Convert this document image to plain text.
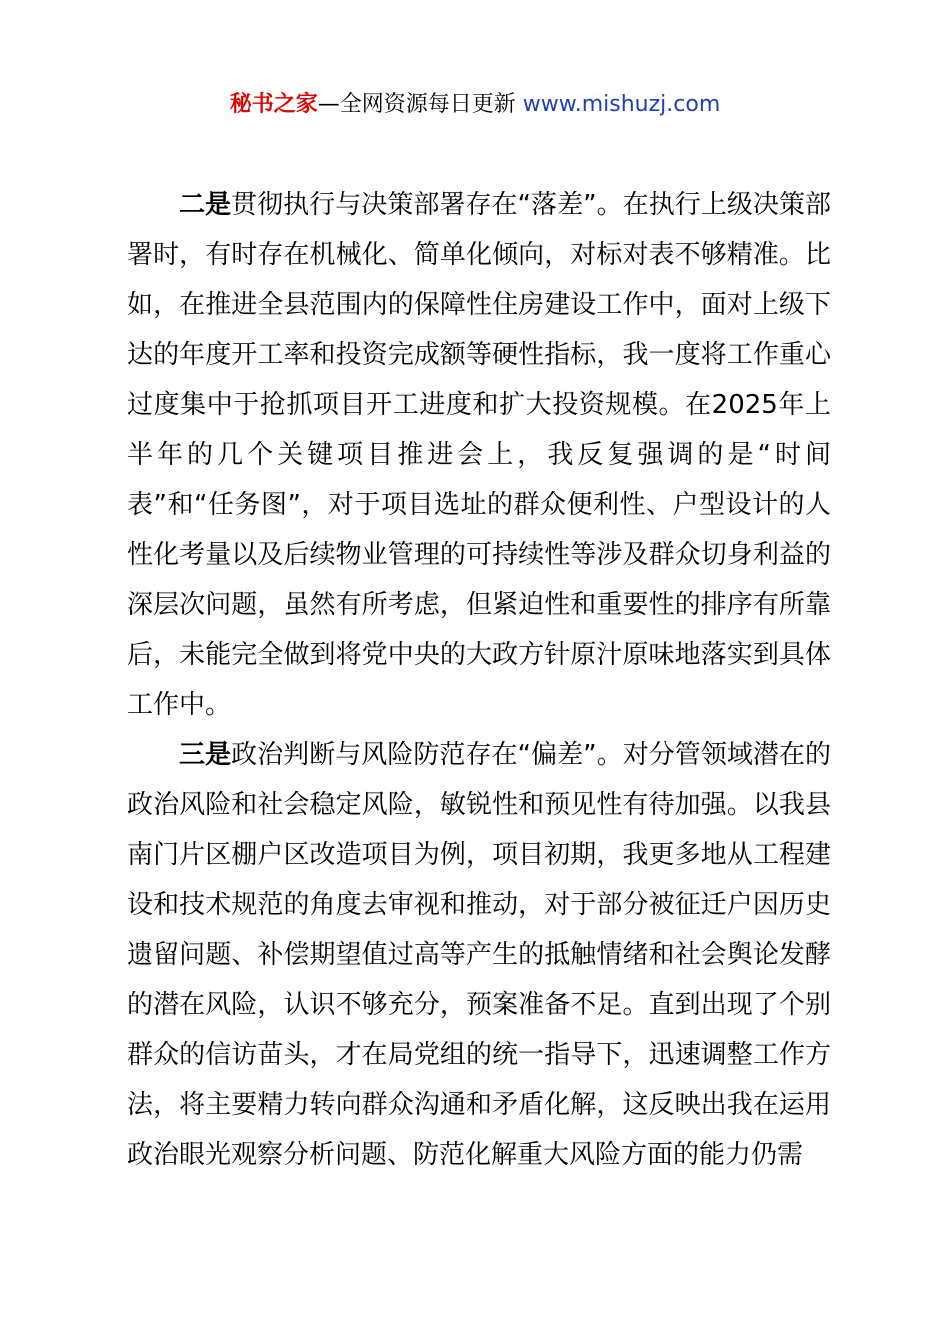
秘书之家—全网资源每日更新 www.mishuzj.com

二是贯彻执行与决策部署存在“落差”。在执行上级决策部署时，有时存在机械化、简单化倾向，对标对表不够精准。比如，在推进全县范围内的保障性住房建设工作中，面对上级下达的年度开工率和投资完成额等硬性指标，我一度将工作重心过度集中于抢抓项目开工进度和扩大投资规模。在2025年上半年的几个关键项目推进会上，我反复强调的是“时间表”和“任务图”，对于项目选址的群众便利性、户型设计的人性化考量以及后续物业管理的可持续性等涉及群众切身利益的深层次问题，虽然有所考虑，但紧迫性和重要性的排序有所靠后，未能完全做到将党中央的大政方针原汁原味地落实到具体工作中。

三是政治判断与风险防范存在“偏差”。对分管领域潜在的政治风险和社会稳定风险，敏锐性和预见性有待加强。以我县南门片区棚户区改造项目为例，项目初期，我更多地从工程建设和技术规范的角度去审视和推动，对于部分被征迁户因历史遗留问题、补偿期望值过高等产生的抵触情绪和社会舆论发酵的潜在风险，认识不够充分，预案准备不足。直到出现了个别群众的信访苗头，才在局党组的统一指导下，迅速调整工作方法，将主要精力转向群众沟通和矛盾化解，这反映出我在运用政治眼光观察分析问题、防范化解重大风险方面的能力仍需
